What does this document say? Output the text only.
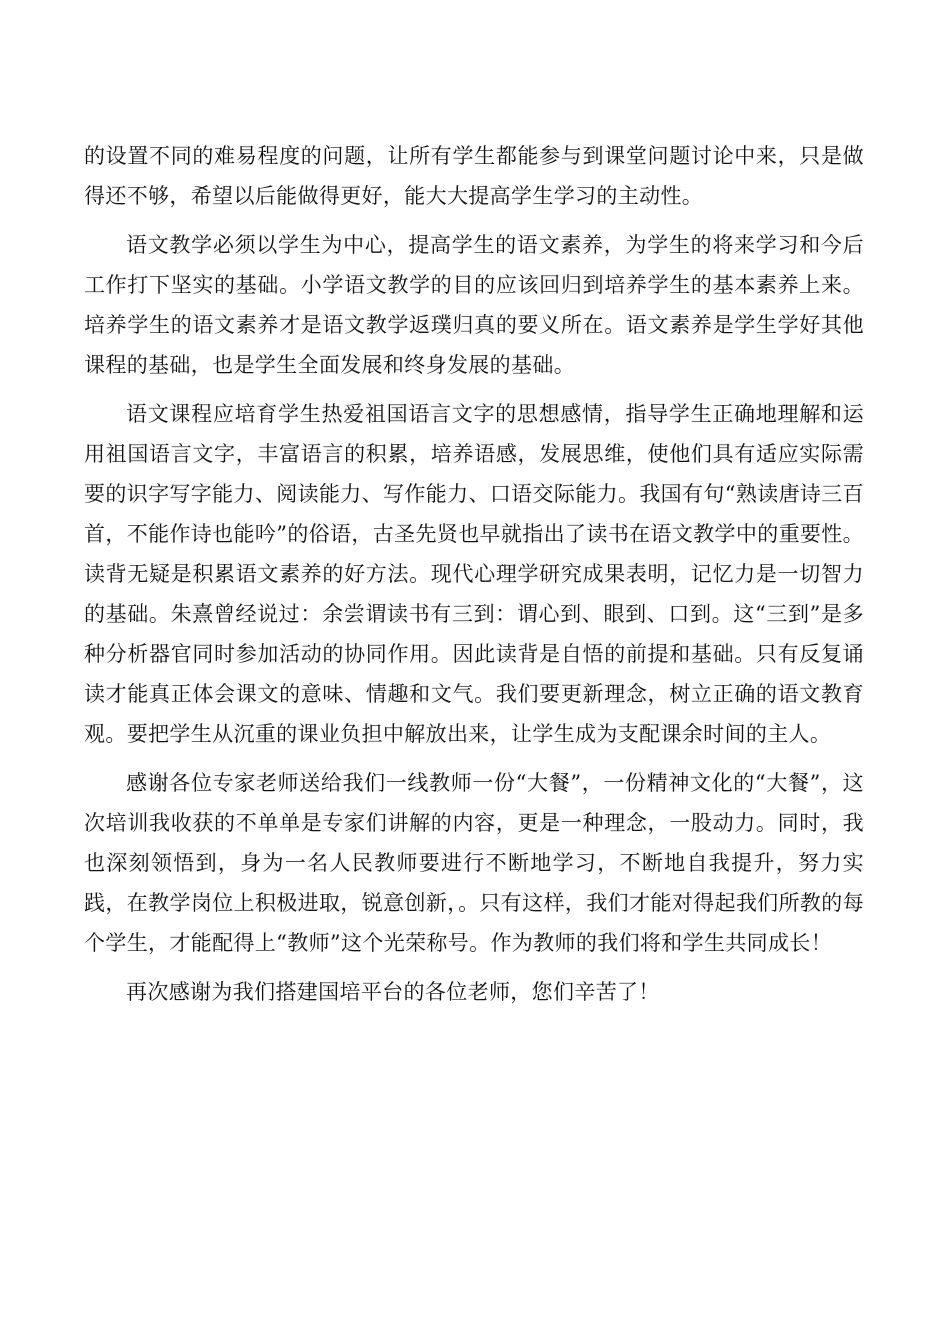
的设置不同的难易程度的问题，让所有学生都能参与到课堂问题讨论中来，只是做得还不够，希望以后能做得更好，能大大提高学生学习的主动性。

语文教学必须以学生为中心，提高学生的语文素养，为学生的将来学习和今后工作打下坚实的基础。小学语文教学的目的应该回归到培养学生的基本素养上来。培养学生的语文素养才是语文教学返璞归真的要义所在。语文素养是学生学好其他课程的基础，也是学生全面发展和终身发展的基础。

语文课程应培育学生热爱祖国语言文字的思想感情，指导学生正确地理解和运用祖国语言文字，丰富语言的积累，培养语感，发展思维，使他们具有适应实际需要的识字写字能力、阅读能力、写作能力、口语交际能力。我国有句“熟读唐诗三百首，不能作诗也能吟”的俗语，古圣先贤也早就指出了读书在语文教学中的重要性。读背无疑是积累语文素养的好方法。现代心理学研究成果表明，记忆力是一切智力的基础。朱熹曾经说过：余尝谓读书有三到：谓心到、眼到、口到。这“三到”是多种分析器官同时参加活动的协同作用。因此读背是自悟的前提和基础。只有反复诵读才能真正体会课文的意味、情趣和文气。我们要更新理念，树立正确的语文教育观。要把学生从沉重的课业负担中解放出来，让学生成为支配课余时间的主人。

感谢各位专家老师送给我们一线教师一份“大餐”，一份精神文化的“大餐”，这次培训我收获的不单单是专家们讲解的内容，更是一种理念，一股动力。同时，我也深刻领悟到，身为一名人民教师要进行不断地学习，不断地自我提升，努力实践，在教学岗位上积极进取，锐意创新，。只有这样，我们才能对得起我们所教的每个学生，才能配得上“教师”这个光荣称号。作为教师的我们将和学生共同成长！

再次感谢为我们搭建国培平台的各位老师，您们辛苦了！
